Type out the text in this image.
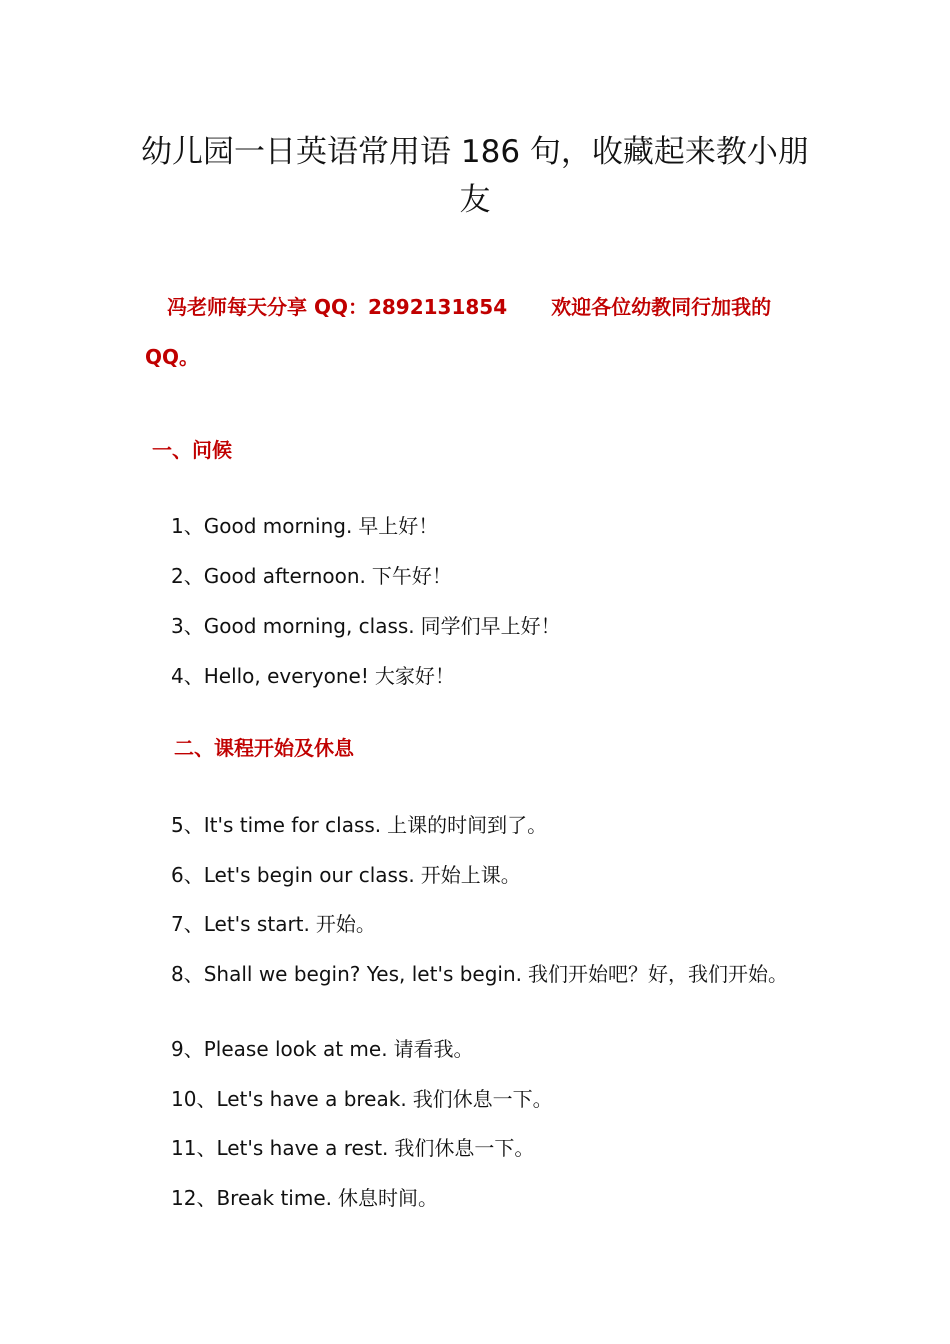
幼儿园一日英语常用语 186 句，收藏起来教小朋友
冯老师每天分享 QQ：2892131854 欢迎各位幼教同行加我的
QQ。
一、问候
1、Good morning. 早上好！
2、Good afternoon. 下午好！
3、Good morning, class. 同学们早上好！
4、Hello, everyone! 大家好！
二、课程开始及休息
5、It's time for class. 上课的时间到了。
6、Let's begin our class. 开始上课。
7、Let's start. 开始。
8、Shall we begin? Yes, let's begin. 我们开始吧？好，我们开始。
9、Please look at me. 请看我。
10、Let's have a break. 我们休息一下。
11、Let's have a rest. 我们休息一下。
12、Break time. 休息时间。
